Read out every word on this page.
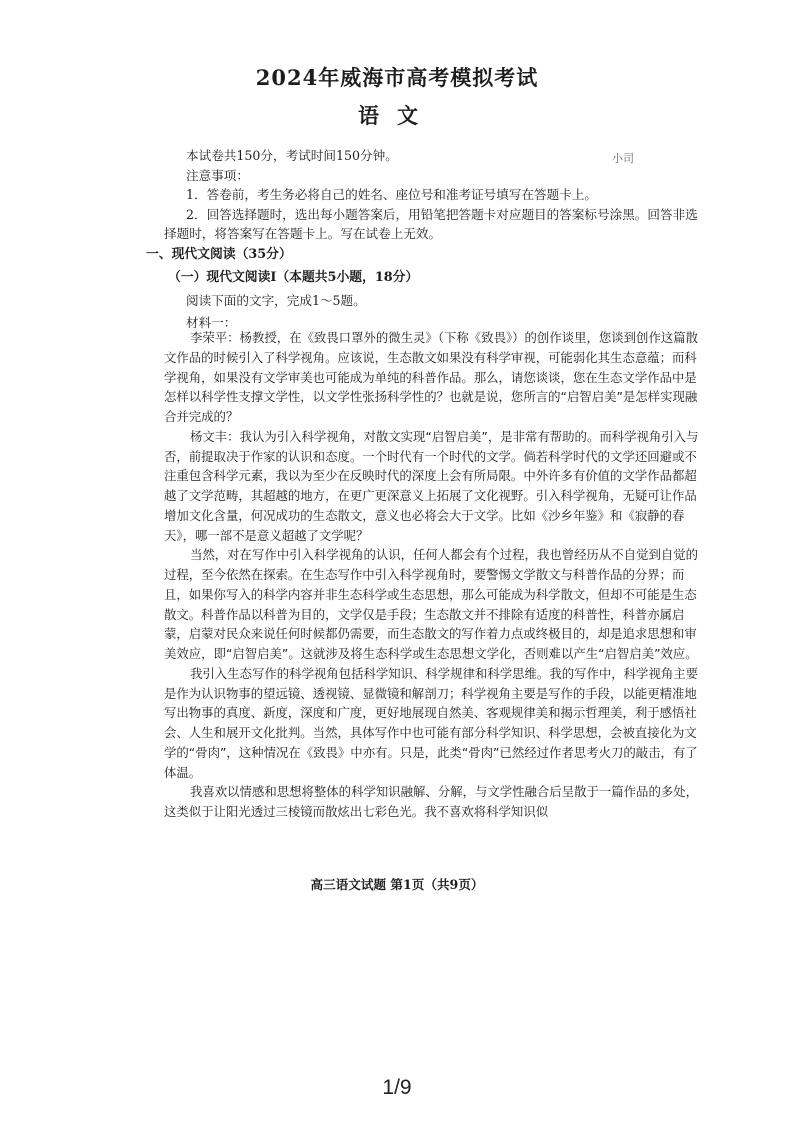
2024年威海市高考模拟考试
语文
小司

本试卷共150分，考试时间150分钟。

注意事项：

1．答卷前，考生务必将自己的姓名、座位号和准考证号填写在答题卡上。

2．回答选择题时，选出每小题答案后，用铅笔把答题卡对应题目的答案标号涂黑。回答非选择题时，将答案写在答题卡上。写在试卷上无效。

一、现代文阅读（35分）
（一）现代文阅读Ⅰ（本题共5小题，18分）
阅读下面的文字，完成1～5题。
材料一：

李荣平：杨教授，在《致畏口罩外的微生灵》（下称《致畏》）的创作谈里，您谈到创作这篇散文作品的时候引入了科学视角。应该说，生态散文如果没有科学审视，可能弱化其生态意蕴；而科学视角，如果没有文学审美也可能成为单纯的科普作品。那么，请您谈谈，您在生态文学作品中是怎样以科学性支撑文学性，以文学性张扬科学性的？也就是说，您所言的“启智启美”是怎样实现融合并完成的？

杨文丰：我认为引入科学视角，对散文实现“启智启美”，是非常有帮助的。而科学视角引入与否，前提取决于作家的认识和态度。一个时代有一个时代的文学。倘若科学时代的文学还回避或不注重包含科学元素，我以为至少在反映时代的深度上会有所局限。中外许多有价值的文学作品都超越了文学范畴，其超越的地方，在更广更深意义上拓展了文化视野。引入科学视角，无疑可让作品增加文化含量，何况成功的生态散文，意义也必将会大于文学。比如《沙乡年鉴》和《寂静的春天》，哪一部不是意义超越了文学呢？

当然，对在写作中引入科学视角的认识，任何人都会有个过程，我也曾经历从不自觉到自觉的过程，至今依然在探索。在生态写作中引入科学视角时，要警惕文学散文与科普作品的分界；而且，如果你写入的科学内容并非生态科学或生态思想，那么可能成为科学散文，但却不可能是生态散文。科普作品以科普为目的，文学仅是手段；生态散文并不排除有适度的科普性，科普亦属启蒙，启蒙对民众来说任何时候都仍需要，而生态散文的写作着力点或终极目的，却是追求思想和审美效应，即“启智启美”。这就涉及将生态科学或生态思想文学化，否则难以产生“启智启美”效应。

我引入生态写作的科学视角包括科学知识、科学规律和科学思维。我的写作中，科学视角主要是作为认识物事的望远镜、透视镜、显微镜和解剖刀；科学视角主要是写作的手段，以能更精准地写出物事的真度、新度，深度和广度，更好地展现自然美、客观规律美和揭示哲理美，利于感悟社会、人生和展开文化批判。当然，具体写作中也可能有部分科学知识、科学思想，会被直接化为文学的“骨肉”，这种情况在《致畏》中亦有。只是，此类“骨肉”已然经过作者思考火刀的敲击，有了体温。

我喜欢以情感和思想将整体的科学知识融解、分解，与文学性融合后呈散于一篇作品的多处，这类似于让阳光透过三棱镜而散炫出七彩色光。我不喜欢将科学知识似

高三语文试题 第1页（共9页）
1/9
